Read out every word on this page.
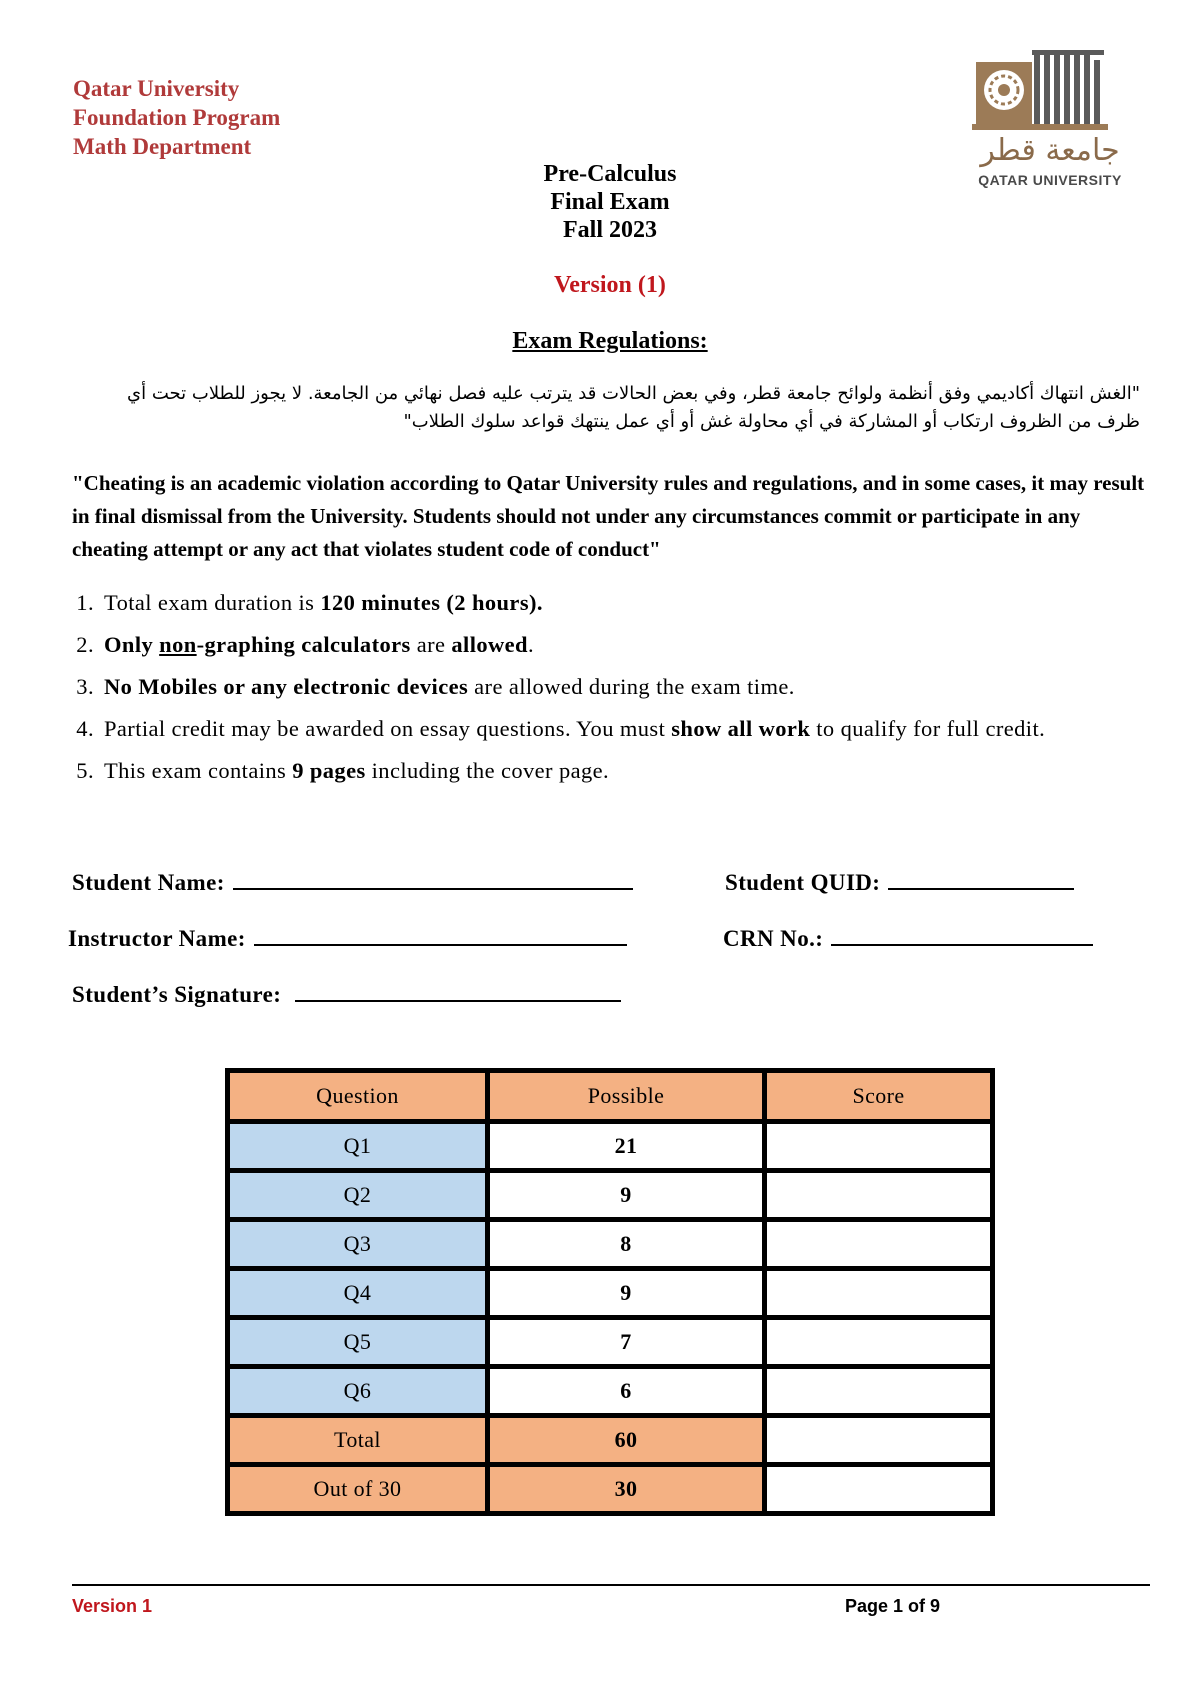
Qatar University
Foundation Program
Math Department	جامعة قطر
QATAR UNIVERSITY
Pre-Calculus
Final Exam
Fall 2023
Version (1)
Exam Regulations:
"الغش انتهاك أكاديمي وفق أنظمة ولوائح جامعة قطر، وفي بعض الحالات قد يترتب عليه فصل نهائي من الجامعة. لا يجوز للطلاب تحت أي ظرف من الظروف ارتكاب أو المشاركة في أي محاولة غش أو أي عمل ينتهك قواعد سلوك الطلاب"
"Cheating is an academic violation according to Qatar University rules and regulations, and in some cases, it may result in final dismissal from the University. Students should not under any circumstances commit or participate in any cheating attempt or any act that violates student code of conduct"
1. Total exam duration is 120 minutes (2 hours).
2. Only non-graphing calculators are allowed.
3. No Mobiles or any electronic devices are allowed during the exam time.
4. Partial credit may be awarded on essay questions. You must show all work to qualify for full credit.
5. This exam contains 9 pages including the cover page.
Student Name:	Student QUID:
Instructor Name:	CRN No.:
Student’s Signature:
Question	Possible	Score
Q1	21	
Q2	9	
Q3	8	
Q4	9	
Q5	7	
Q6	6	
Total	60	
Out of 30	30	
Version 1	Page 1 of 9
